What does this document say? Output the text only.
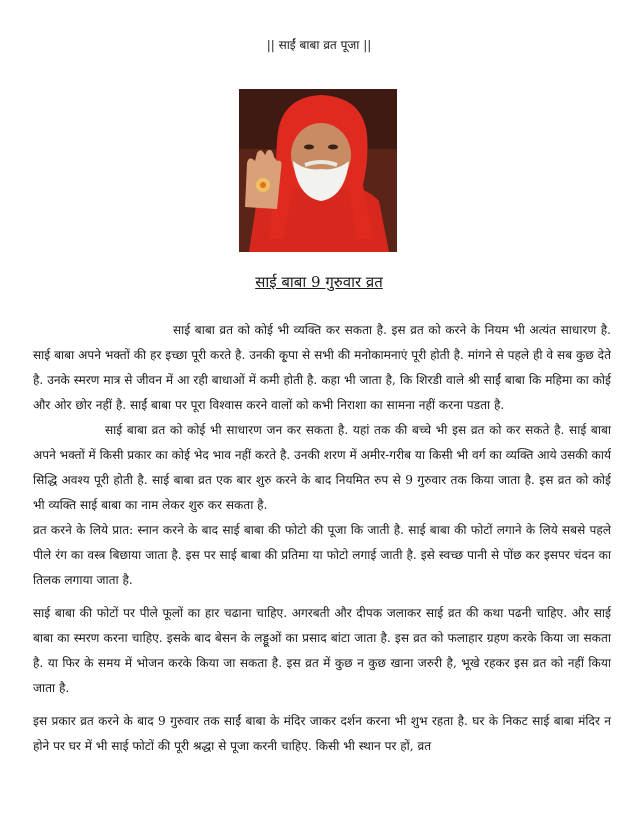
|| साईं बाबा व्रत पूजा ||
साई बाबा 9 गुरुवार व्रत

साई बाबा व्रत को कोई भी व्यक्ति कर सकता है. इस व्रत को करने के नियम भी अत्यंत साधारण है. साई बाबा अपने भक्तों की हर इच्छा पूरी करते है. उनकी कृ्पा से सभी की मनोकामनाएं पूरी होती है. मांगने से पहले ही वे सब कुछ देते है. उनके स्मरण मात्र से जीवन में आ रही बाधाओं में कमी होती है. कहा भी जाता है, कि शिरडी वाले श्री साईं बाबा कि महिमा का कोई और ओर छोर नहीं है. साईं बाबा पर पूरा विश्वास करने वालों को कभी निराशा का सामना नहीं करना पडता है.

साई बाबा व्रत को कोई भी साधारण जन कर सकता है. यहां तक की बच्चे भी इस व्रत को कर सकते है. साई बाबा अपने भक्तों में किसी प्रकार का कोई भेद भाव नहीं करते है. उनकी शरण में अमीर-गरीब या किसी भी वर्ग का व्यक्ति आये उसकी कार्य सिद्धि अवश्य पूरी होती है. साई बाबा व्रत एक बार शुरु करने के बाद नियमित रुप से 9 गुरुवार तक किया जाता है. इस व्रत को कोई भी व्यक्ति साई बाबा का नाम लेकर शुरु कर सकता है.

व्रत करने के लिये प्रात: स्नान करने के बाद साई बाबा की फोटो की पूजा कि जाती है. साई बाबा की फोटों लगाने के लिये सबसे पहले पीले रंग का वस्त्र बिछाया जाता है. इस पर साई बाबा की प्रतिमा या फोटो लगाई जाती है. इसे स्वच्छ पानी से पोंछ कर इसपर चंदन का तिलक लगाया जाता है.

साई बाबा की फोटों पर पीले फूलों का हार चढाना चाहिए. अगरबती और दीपक जलाकर साई व्रत की कथा पढनी चाहिए. और साई बाबा का स्मरण करना चाहिए. इसके बाद बेसन के लड्डूओं का प्रसाद बांटा जाता है. इस व्रत को फलाहार ग्रहण करके किया जा सकता है. या फिर के समय में भोजन करके किया जा सकता है. इस व्रत में कुछ न कुछ खाना जरुरी है, भूखे रहकर इस व्रत को नहीं किया जाता है.

इस प्रकार व्रत करने के बाद 9 गुरुवार तक साईं बाबा के मंदिर जाकर दर्शन करना भी शुभ रहता है. घर के निकट साई बाबा मंदिर न होने पर घर में भी साई फोटों की पूरी श्रद्धा से पूजा करनी चाहिए. किसी भी स्थान पर हों, व्रत
